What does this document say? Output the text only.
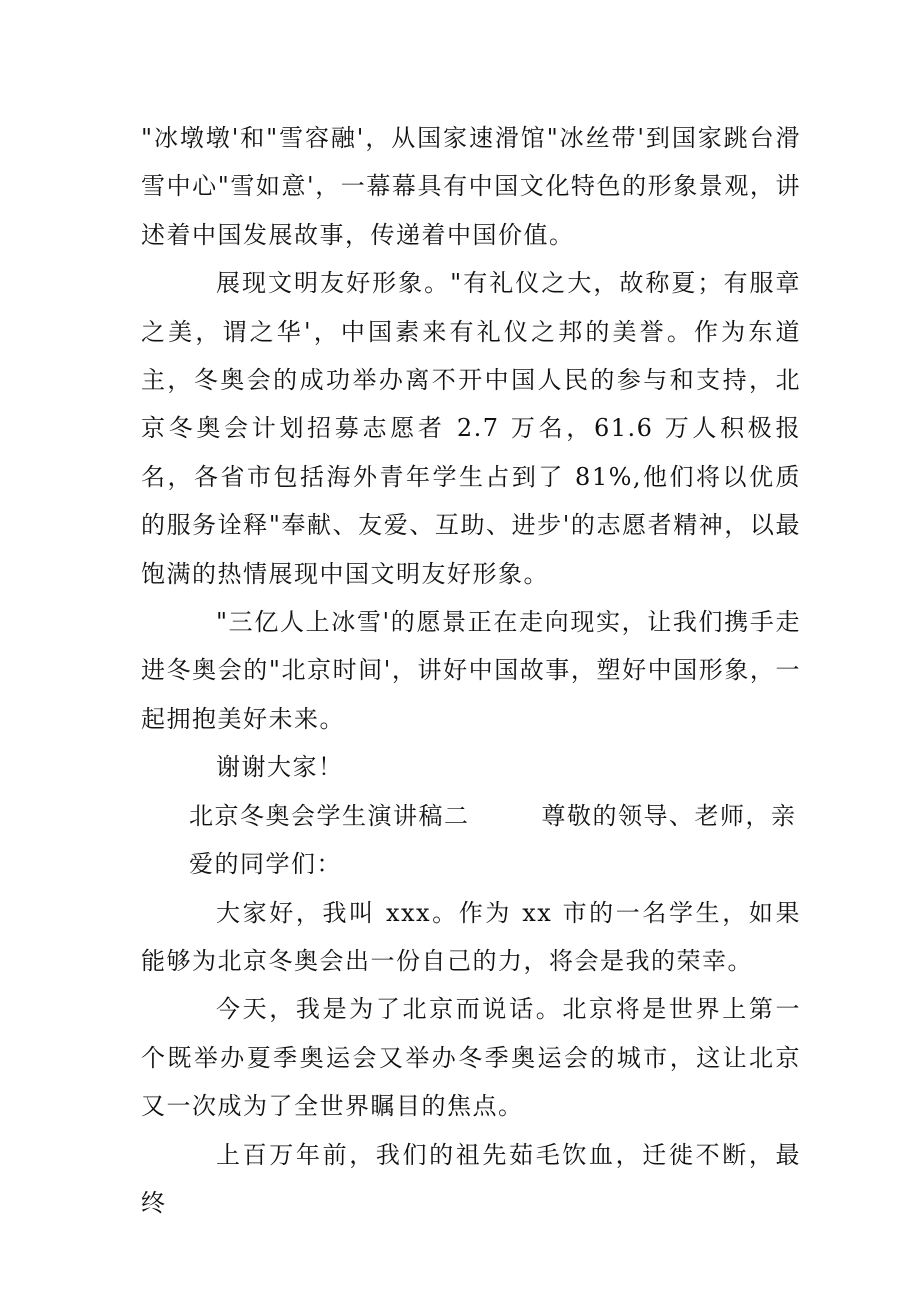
"冰墩墩'和"雪容融'，从国家速滑馆"冰丝带'到国家跳台滑雪中心"雪如意'，一幕幕具有中国文化特色的形象景观，讲述着中国发展故事，传递着中国价值。

展现文明友好形象。"有礼仪之大，故称夏；有服章之美，谓之华'，中国素来有礼仪之邦的美誉。作为东道主，冬奥会的成功举办离不开中国人民的参与和支持，北京冬奥会计划招募志愿者 2.7 万名，61.6 万人积极报名，各省市包括海外青年学生占到了 81%,他们将以优质的服务诠释"奉献、友爱、互助、进步'的志愿者精神，以最饱满的热情展现中国文明友好形象。

"三亿人上冰雪'的愿景正在走向现实，让我们携手走进冬奥会的"北京时间'，讲好中国故事，塑好中国形象，一起拥抱美好未来。

谢谢大家！

北京冬奥会学生演讲稿二	尊敬的领导、老师，亲爱的同学们：

大家好，我叫 xxx。作为 xx 市的一名学生，如果能够为北京冬奥会出一份自己的力，将会是我的荣幸。

今天，我是为了北京而说话。北京将是世界上第一个既举办夏季奥运会又举办冬季奥运会的城市，这让北京又一次成为了全世界瞩目的焦点。

上百万年前，我们的祖先茹毛饮血，迁徙不断，最终
